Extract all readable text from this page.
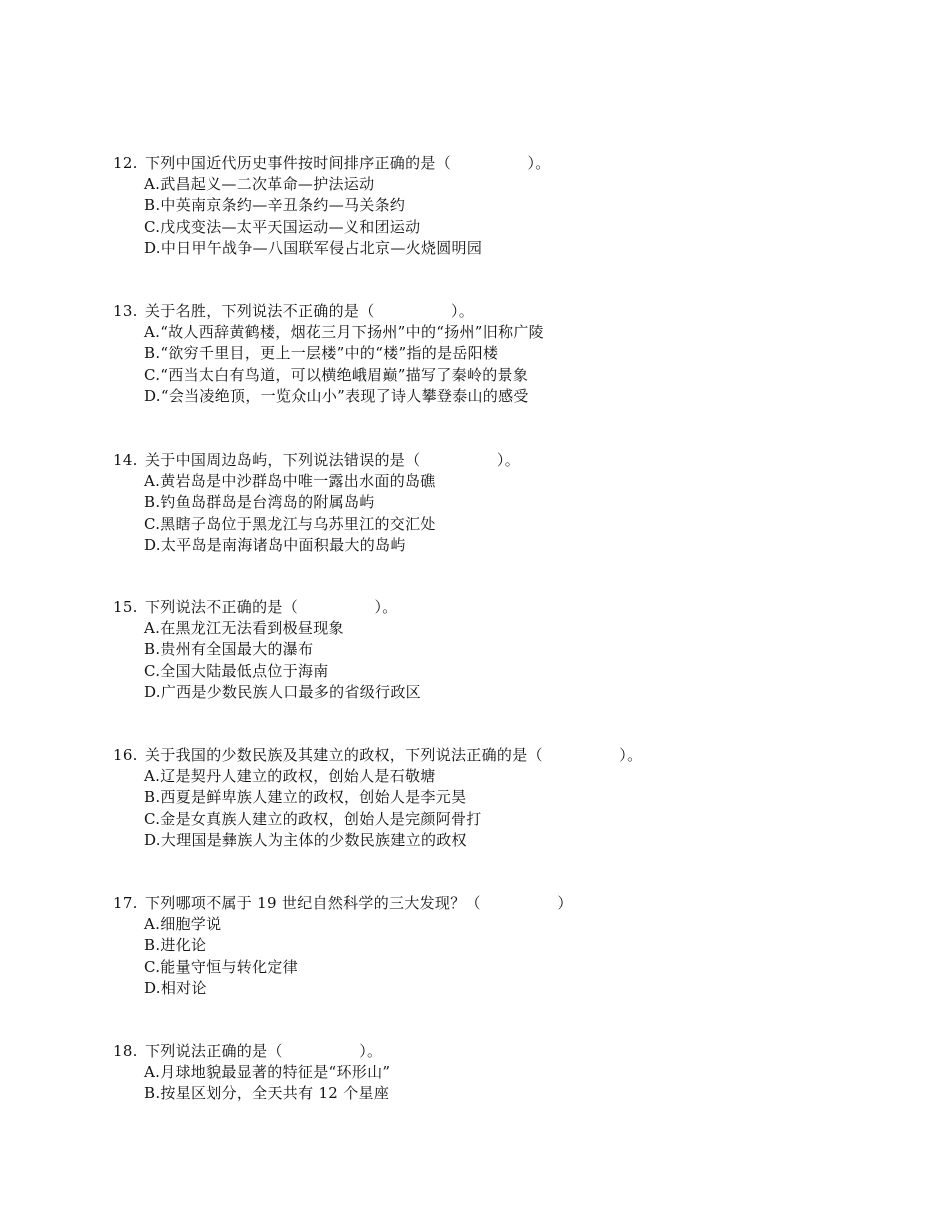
12. 下列中国近代历史事件按时间排序正确的是（　　　　　）。
A.武昌起义—二次革命—护法运动
B.中英南京条约—辛丑条约—马关条约
C.戊戌变法—太平天国运动—义和团运动
D.中日甲午战争—八国联军侵占北京—火烧圆明园
13. 关于名胜，下列说法不正确的是（　　　　　）。
A.“故人西辞黄鹤楼，烟花三月下扬州”中的“扬州”旧称广陵
B.“欲穷千里目，更上一层楼”中的“楼”指的是岳阳楼
C.“西当太白有鸟道，可以横绝峨眉巅”描写了秦岭的景象
D.“会当凌绝顶，一览众山小”表现了诗人攀登泰山的感受
14. 关于中国周边岛屿，下列说法错误的是（　　　　　）。
A.黄岩岛是中沙群岛中唯一露出水面的岛礁
B.钓鱼岛群岛是台湾岛的附属岛屿
C.黑瞎子岛位于黑龙江与乌苏里江的交汇处
D.太平岛是南海诸岛中面积最大的岛屿
15. 下列说法不正确的是（　　　　　）。
A.在黑龙江无法看到极昼现象
B.贵州有全国最大的瀑布
C.全国大陆最低点位于海南
D.广西是少数民族人口最多的省级行政区
16. 关于我国的少数民族及其建立的政权，下列说法正确的是（　　　　　）。
A.辽是契丹人建立的政权，创始人是石敬塘
B.西夏是鲜卑族人建立的政权，创始人是李元昊
C.金是女真族人建立的政权，创始人是完颜阿骨打
D.大理国是彝族人为主体的少数民族建立的政权
17. 下列哪项不属于 19 世纪自然科学的三大发现？（　　　　　）
A.细胞学说
B.进化论
C.能量守恒与转化定律
D.相对论
18. 下列说法正确的是（　　　　　）。
A.月球地貌最显著的特征是“环形山”
B.按星区划分，全天共有 12 个星座
